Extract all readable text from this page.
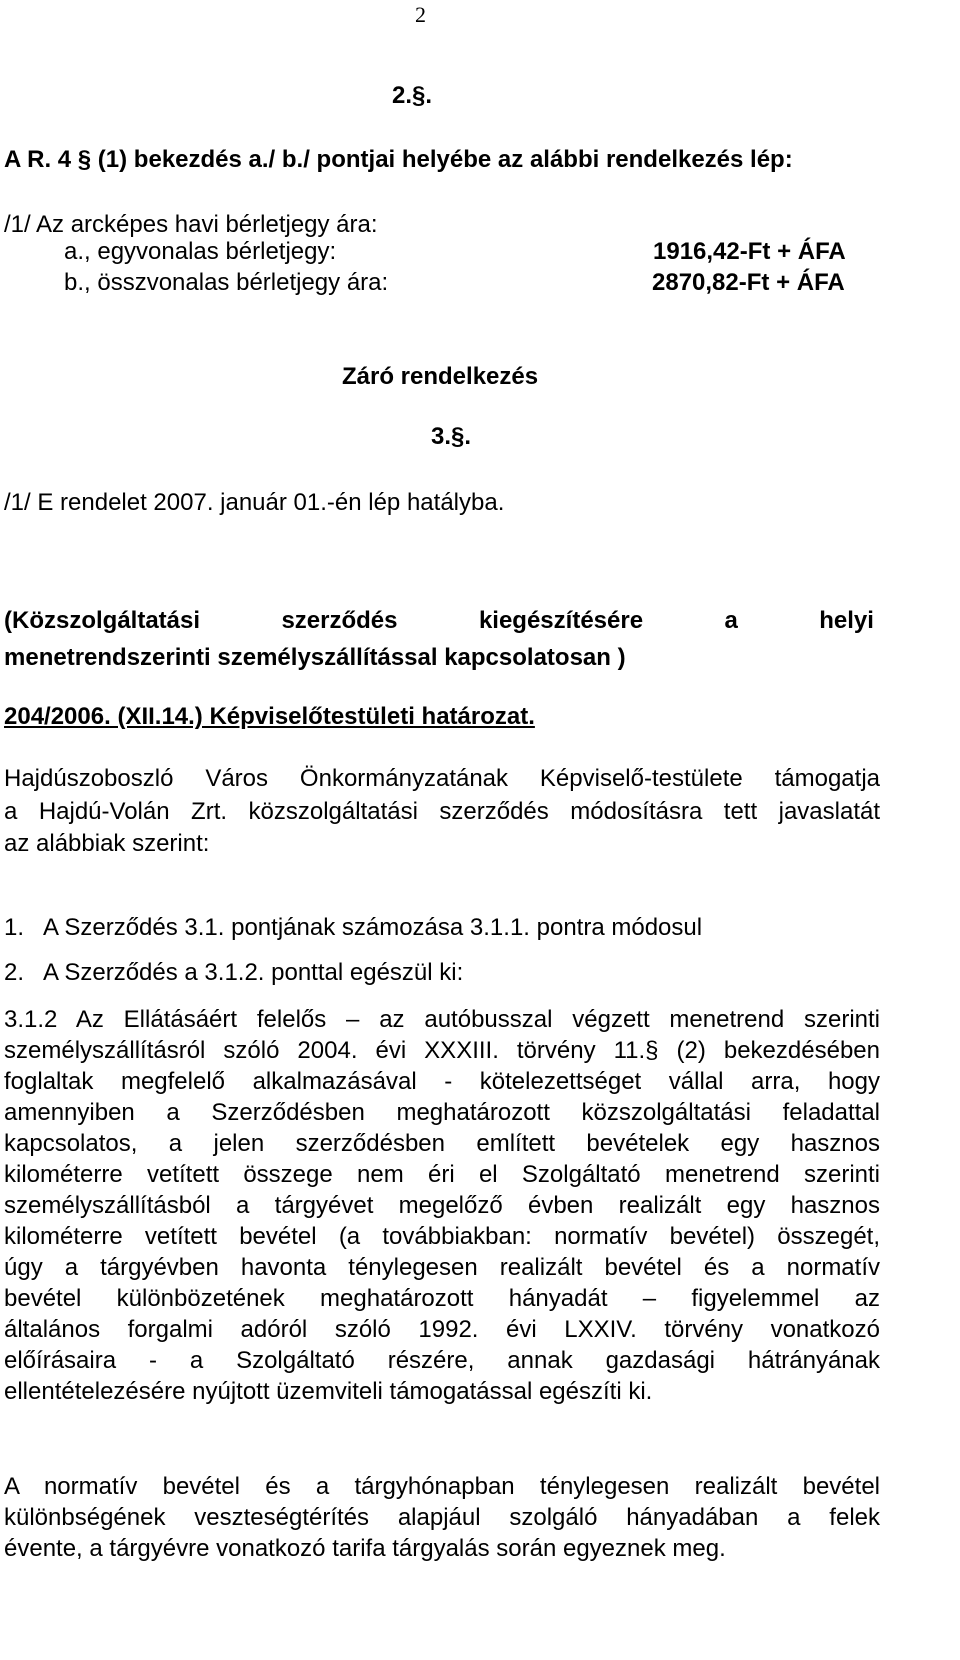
2
2.§.
A R. 4 § (1) bekezdés a./ b./ pontjai helyébe az alábbi rendelkezés lép:
/1/ Az arcképes havi bérletjegy ára:
a., egyvonalas bérletjegy:	1916,42-Ft + ÁFA
b., összvonalas bérletjegy ára:	2870,82-Ft + ÁFA
Záró rendelkezés
3.§.
/1/ E rendelet 2007. január 01.-én lép hatályba.
(Közszolgáltatási	szerződés	kiegészítésére	a	helyi
menetrendszerinti személyszállítással kapcsolatosan )
204/2006. (XII.14.) Képviselőtestületi határozat.
Hajdúszoboszló Város Önkormányzatának Képviselő-testülete támogatja
a Hajdú-Volán Zrt. közszolgáltatási szerződés módosításra tett javaslatát
az alábbiak szerint:
1. A Szerződés 3.1. pontjának számozása 3.1.1. pontra módosul
2. A Szerződés a 3.1.2. ponttal egészül ki:
3.1.2 Az Ellátásáért felelős – az autóbusszal végzett menetrend szerinti
személyszállításról szóló 2004. évi XXXIII. törvény 11.§ (2) bekezdésében
foglaltak megfelelő alkalmazásával - kötelezettséget vállal arra, hogy
amennyiben a Szerződésben meghatározott közszolgáltatási feladattal
kapcsolatos, a jelen szerződésben említett bevételek egy hasznos
kilométerre vetített összege nem éri el Szolgáltató menetrend szerinti
személyszállításból a tárgyévet megelőző évben realizált egy hasznos
kilométerre vetített bevétel (a továbbiakban: normatív bevétel) összegét,
úgy a tárgyévben havonta ténylegesen realizált bevétel és a normatív
bevétel különbözetének meghatározott hányadát – figyelemmel az
általános forgalmi adóról szóló 1992. évi LXXIV. törvény vonatkozó
előírásaira - a Szolgáltató részére, annak gazdasági hátrányának
ellentételezésére nyújtott üzemviteli támogatással egészíti ki.
A normatív bevétel és a tárgyhónapban ténylegesen realizált bevétel
különbségének veszteségtérítés alapjául szolgáló hányadában a felek
évente, a tárgyévre vonatkozó tarifa tárgyalás során egyeznek meg.
